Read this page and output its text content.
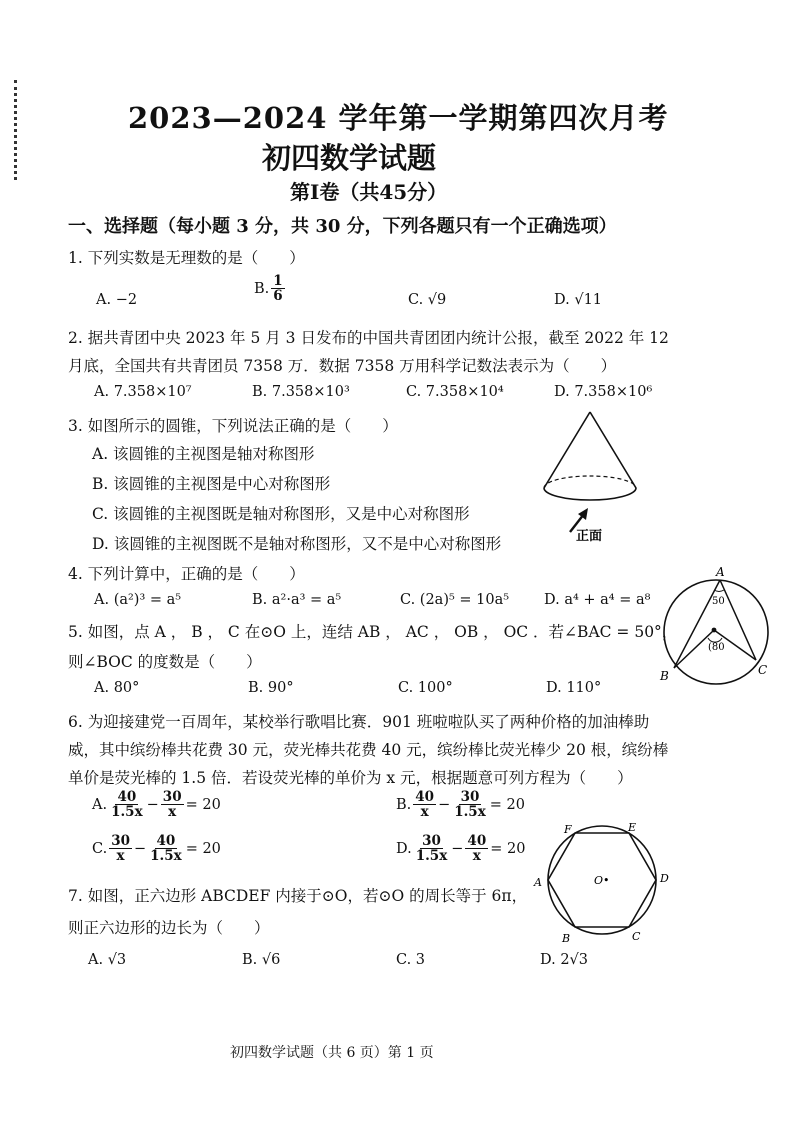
2023—2024 学年第一学期第四次月考
初四数学试题
第Ⅰ卷（共45分）
一、选择题（每小题 3 分，共 30 分，下列各题只有一个正确选项）
1. 下列实数是无理数的是（　　）
A. −2
B. $\frac{1}{6}$	C. √9	D. √11
2. 据共青团中央 2023 年 5 月 3 日发布的中国共青团团内统计公报，截至 2022 年 12
月底，全国共有共青团员 7358 万．数据 7358 万用科学记数法表示为（　　）
A. 7.358×10⁷	B. 7.358×10³	C. 7.358×10⁴	D. 7.358×10⁶
3. 如图所示的圆锥，下列说法正确的是（　　）
A. 该圆锥的主视图是轴对称图形
B. 该圆锥的主视图是中心对称图形
C. 该圆锥的主视图既是轴对称图形，又是中心对称图形
D. 该圆锥的主视图既不是轴对称图形，又不是中心对称图形	正面
4. 下列计算中，正确的是（　　）
A. (a²)³ = a⁵	B. a²·a³ = a⁵	C. (2a)⁵ = 10a⁵ D. a⁴ + a⁴ = a⁸
5. 如图，点 A ， B ， C 在⊙O 上，连结 AB ， AC ， OB ， OC ．若∠BAC = 50°，
则∠BOC 的度数是（　　）
A. 80°	B. 90°	C. 100°	D. 110°
A
B	C
50
(80
6. 为迎接建党一百周年，某校举行歌唱比赛．901 班啦啦队买了两种价格的加油棒助
威，其中缤纷棒共花费 30 元，荧光棒共花费 40 元，缤纷棒比荧光棒少 20 根，缤纷棒
单价是荧光棒的 1.5 倍．若设荧光棒的单价为 x 元，根据题意可列方程为（　　）
A. $\frac{40}{1.5x} - \frac{30}{x} = 20$	B. $\frac{40}{x} - \frac{30}{1.5x} = 20$
C. $\frac{30}{x} - \frac{40}{1.5x} = 20$	D. $\frac{30}{1.5x} - \frac{40}{x} = 20$
7. 如图，正六边形 ABCDEF 内接于⊙O，若⊙O 的周长等于 6π，
则正六边形的边长为（　　）
A. √3	B. √6	C. 3	D. 2√3
A
B	C
D
E
F
O•
初四数学试题（共 6 页）第 1 页
